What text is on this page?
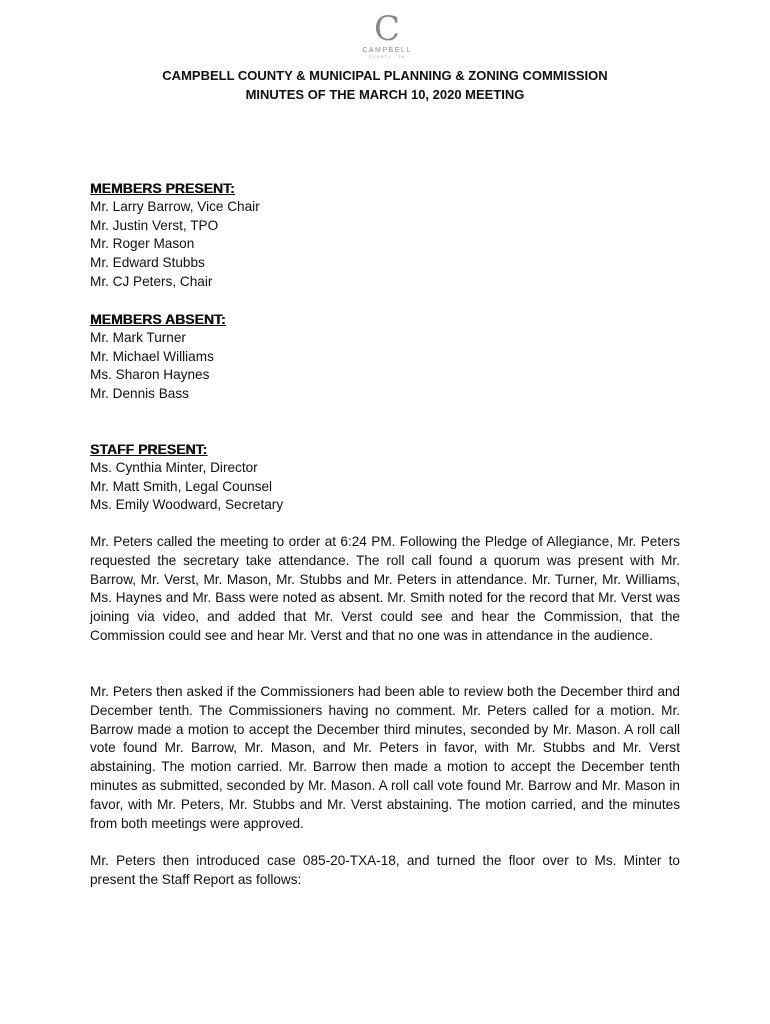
C
CAMPBELL
COUNTY · TN
CAMPBELL COUNTY & MUNICIPAL PLANNING & ZONING COMMISSION
MINUTES OF THE MARCH 10, 2020 MEETING

MEMBERS PRESENT:

Mr. Larry Barrow, Vice Chair

Mr. Justin Verst, TPO

Mr. Roger Mason

Mr. Edward Stubbs

Mr. CJ Peters, Chair

MEMBERS ABSENT:

Mr. Mark Turner

Mr. Michael Williams

Ms. Sharon Haynes

Mr. Dennis Bass

STAFF PRESENT:

Ms. Cynthia Minter, Director

Mr. Matt Smith, Legal Counsel

Ms. Emily Woodward, Secretary

Mr. Peters called the meeting to order at 6:24 PM. Following the Pledge of Allegiance, Mr. Peters requested the secretary take attendance. The roll call found a quorum was present with Mr. Barrow, Mr. Verst, Mr. Mason, Mr. Stubbs and Mr. Peters in attendance. Mr. Turner, Mr. Williams, Ms. Haynes and Mr. Bass were noted as absent. Mr. Smith noted for the record that Mr. Verst was joining via video, and added that Mr. Verst could see and hear the Commission, that the Commission could see and hear Mr. Verst and that no one was in attendance in the audience.

Mr. Peters then asked if the Commissioners had been able to review both the December third and December tenth. The Commissioners having no comment. Mr. Peters called for a motion. Mr. Barrow made a motion to accept the December third minutes, seconded by Mr. Mason. A roll call vote found Mr. Barrow, Mr. Mason, and Mr. Peters in favor, with Mr. Stubbs and Mr. Verst abstaining. The motion carried. Mr. Barrow then made a motion to accept the December tenth minutes as submitted, seconded by Mr. Mason. A roll call vote found Mr. Barrow and Mr. Mason in favor, with Mr. Peters, Mr. Stubbs and Mr. Verst abstaining. The motion carried, and the minutes from both meetings were approved.

Mr. Peters then introduced case 085-20-TXA-18, and turned the floor over to Ms. Minter to present the Staff Report as follows:
